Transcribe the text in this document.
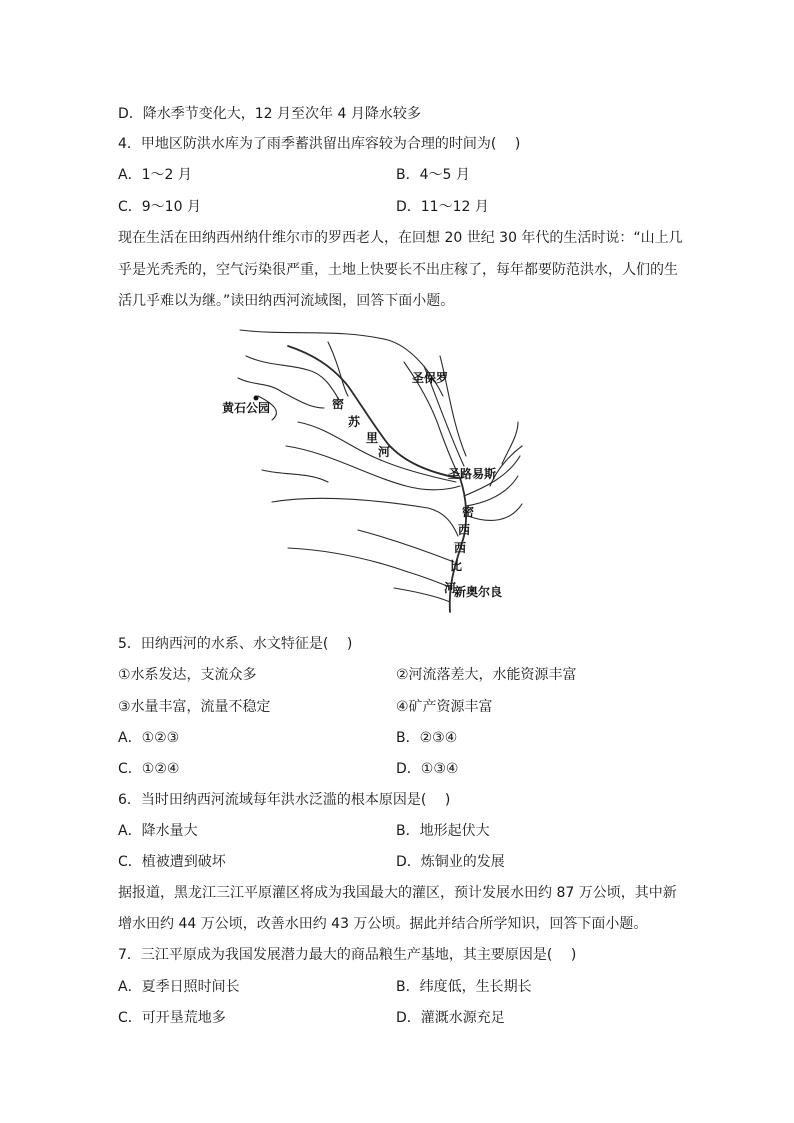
D．降水季节变化大，12 月至次年 4 月降水较多
4．甲地区防洪水库为了雨季蓄洪留出库容较为合理的时间为(　 )
A．1～2 月	B．4～5 月
C．9～10 月	D．11～12 月
现在生活在田纳西州纳什维尔市的罗西老人，在回想 20 世纪 30 年代的生活时说：“山上几
乎是光秃秃的，空气污染很严重，土地上快要长不出庄稼了，每年都要防范洪水，人们的生
活几乎难以为继。”读田纳西河流域图，回答下面小题。
黄石公园
圣保罗
圣路易斯
新奥尔良
密
苏
里
河
密
西
西
比
河
5．田纳西河的水系、水文特征是(　 )
①水系发达，支流众多	②河流落差大，水能资源丰富
③水量丰富，流量不稳定	④矿产资源丰富
A．①②③	B．②③④
C．①②④	D．①③④
6．当时田纳西河流域每年洪水泛滥的根本原因是(　 )
A．降水量大	B．地形起伏大
C．植被遭到破坏	D．炼铜业的发展
据报道，黑龙江三江平原灌区将成为我国最大的灌区，预计发展水田约 87 万公顷，其中新
增水田约 44 万公顷，改善水田约 43 万公顷。据此并结合所学知识，回答下面小题。
7．三江平原成为我国发展潜力最大的商品粮生产基地，其主要原因是(　 )
A．夏季日照时间长	B．纬度低，生长期长
C．可开垦荒地多	D．灌溉水源充足
